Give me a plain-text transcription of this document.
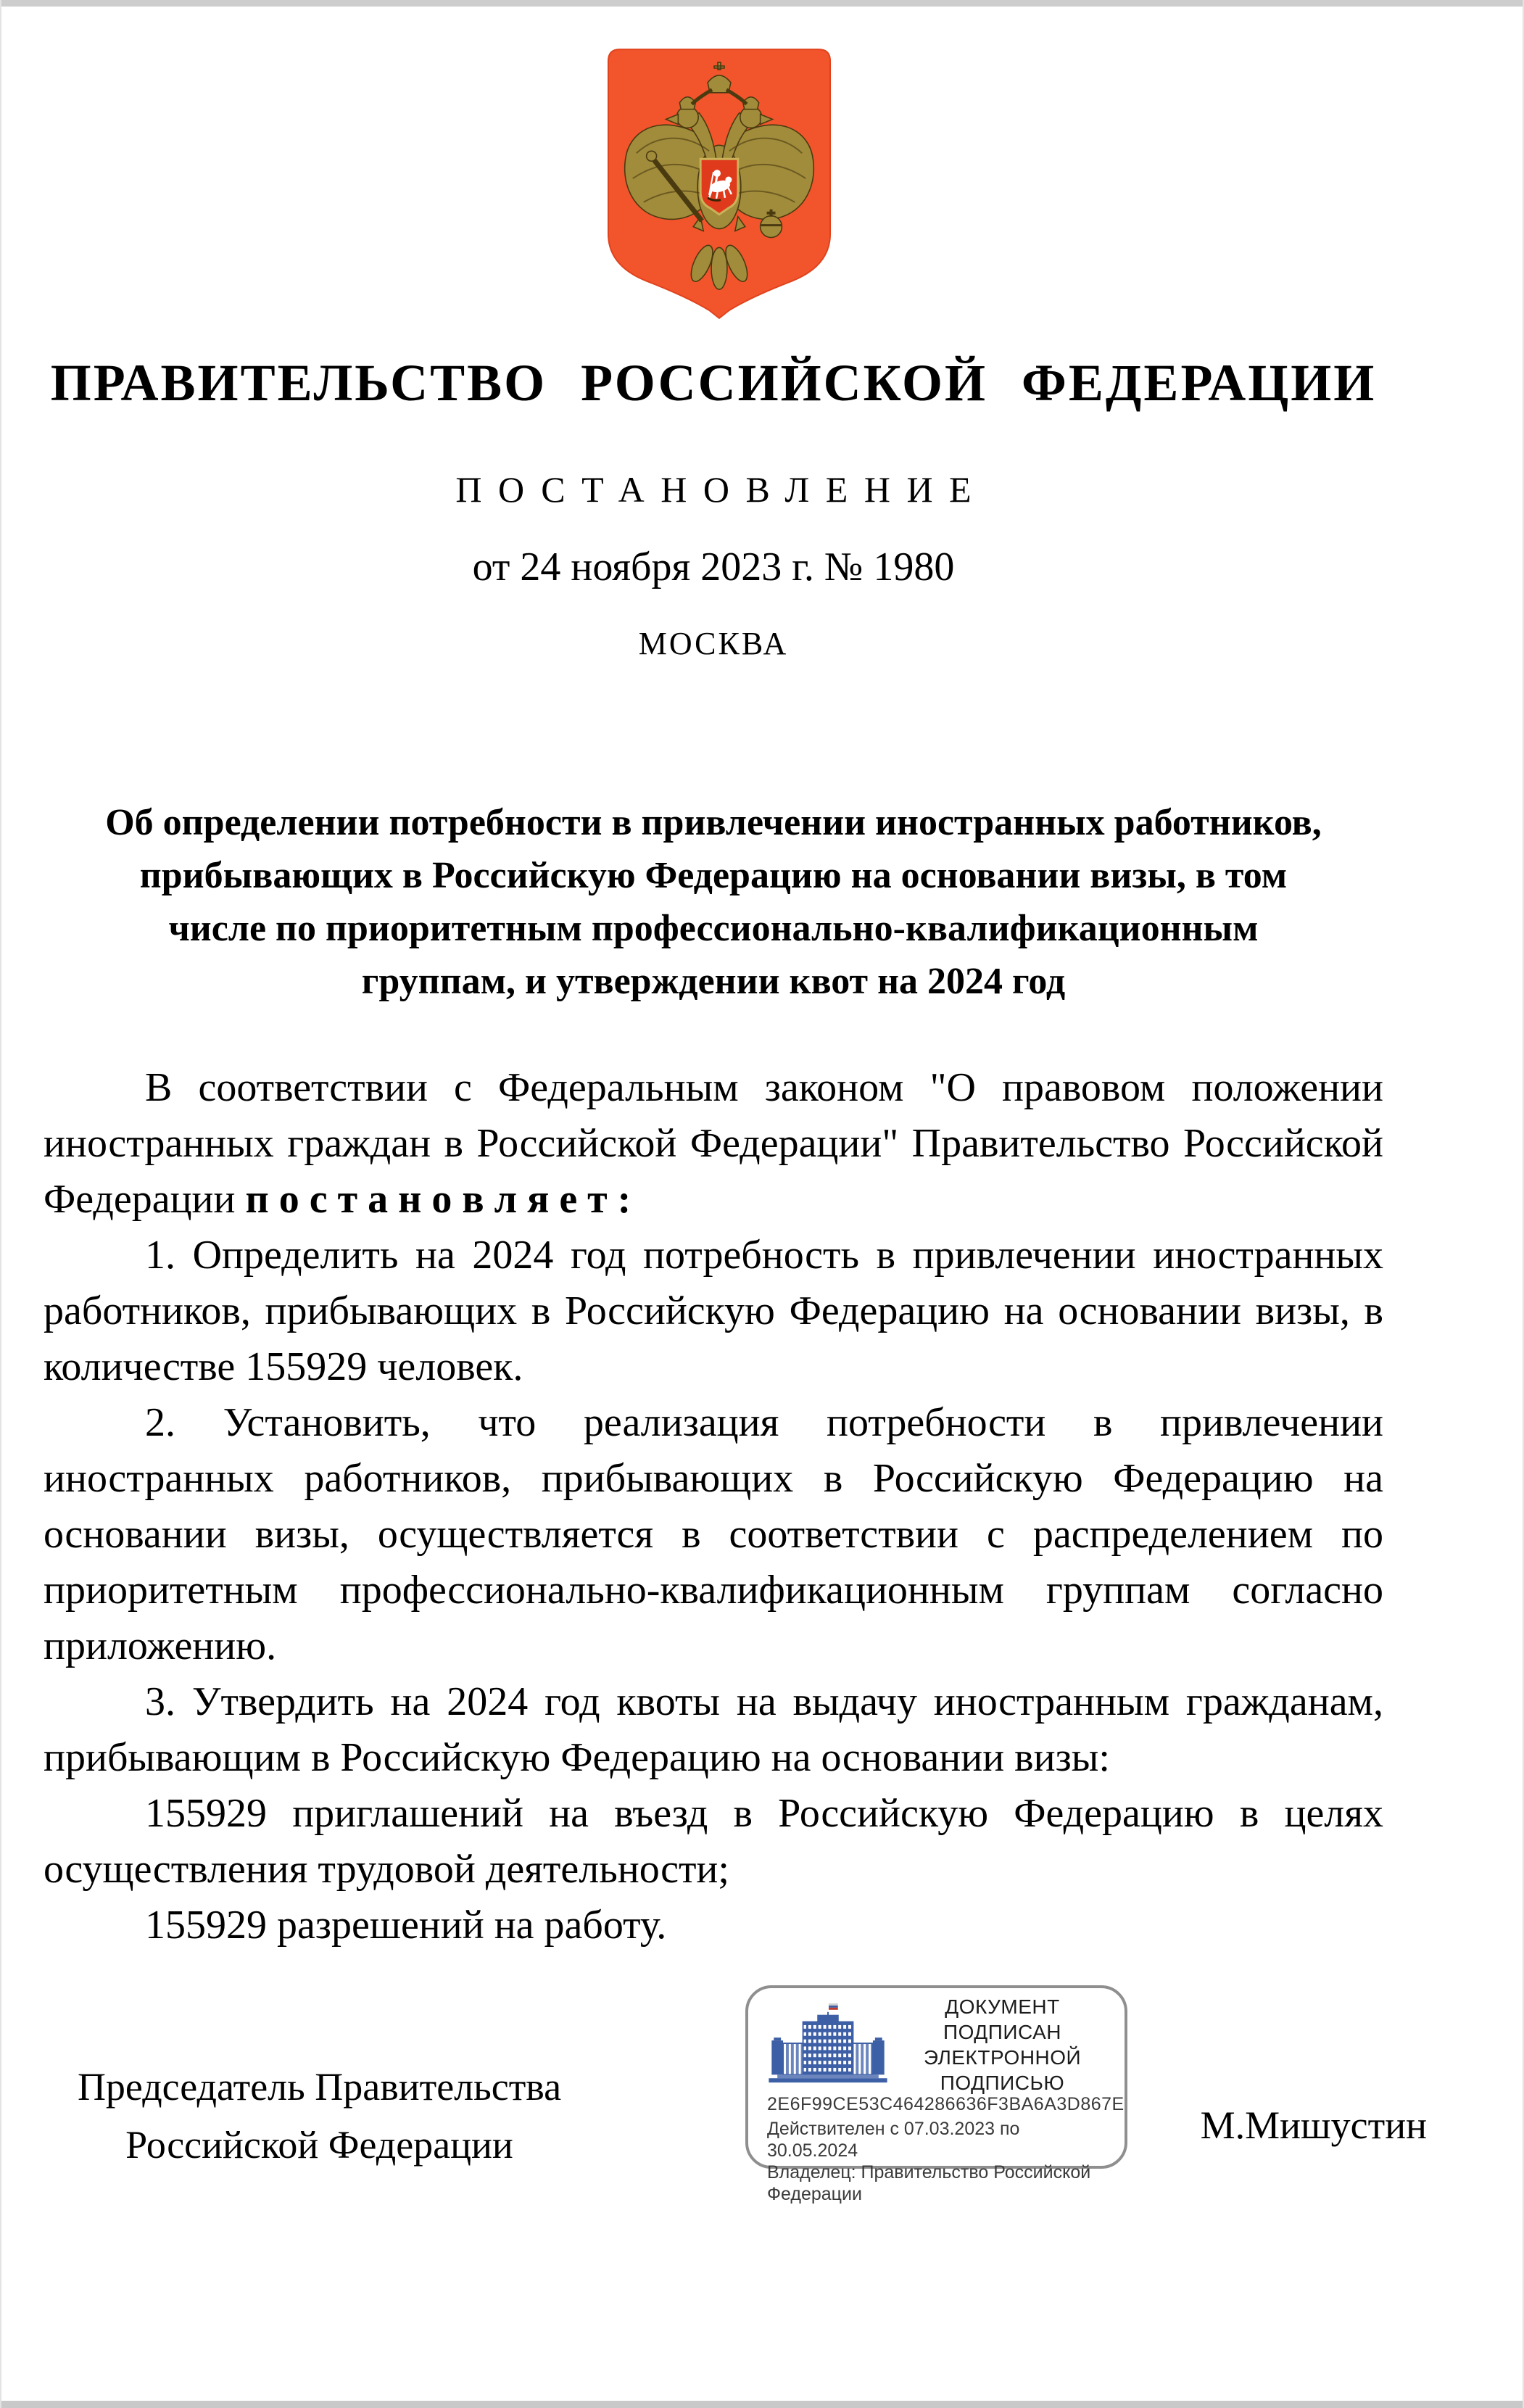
ПРАВИТЕЛЬСТВО РОССИЙСКОЙ ФЕДЕРАЦИИ
ПОСТАНОВЛЕНИЕ
от 24 ноября 2023 г. № 1980
МОСКВА
Об определении потребности в привлечении иностранных работников,
прибывающих в Российскую Федерацию на основании визы, в том
числе по приоритетным профессионально-квалификационным
группам, и утверждении квот на 2024 год

В соответствии с Федеральным законом "О правовом положении иностранных граждан в Российской Федерации" Правительство Российской Федерации п о с т а н о в л я е т :

1. Определить на 2024 год потребность в привлечении иностранных работников, прибывающих в Российскую Федерацию на основании визы, в количестве 155929 человек.

2. Установить, что реализация потребности в привлечении иностранных работников, прибывающих в Российскую Федерацию на основании визы, осуществляется в соответствии с распределением по приоритетным профессионально-квалификационным группам согласно приложению.

3. Утвердить на 2024 год квоты на выдачу иностранным гражданам, прибывающим в Российскую Федерацию на основании визы:

155929 приглашений на въезд в Российскую Федерацию в целях осуществления трудовой деятельности;

155929 разрешений на работу.

Председатель Правительства
Российской Федерации
ДОКУМЕНТ ПОДПИСАН
ЭЛЕКТРОННОЙ ПОДПИСЬЮ
2E6F99CE53C464286636F3BA6A3D867E
Действителен с 07.03.2023 по 30.05.2024
Владелец: Правительство Российской
Федерации
М.Мишустин
